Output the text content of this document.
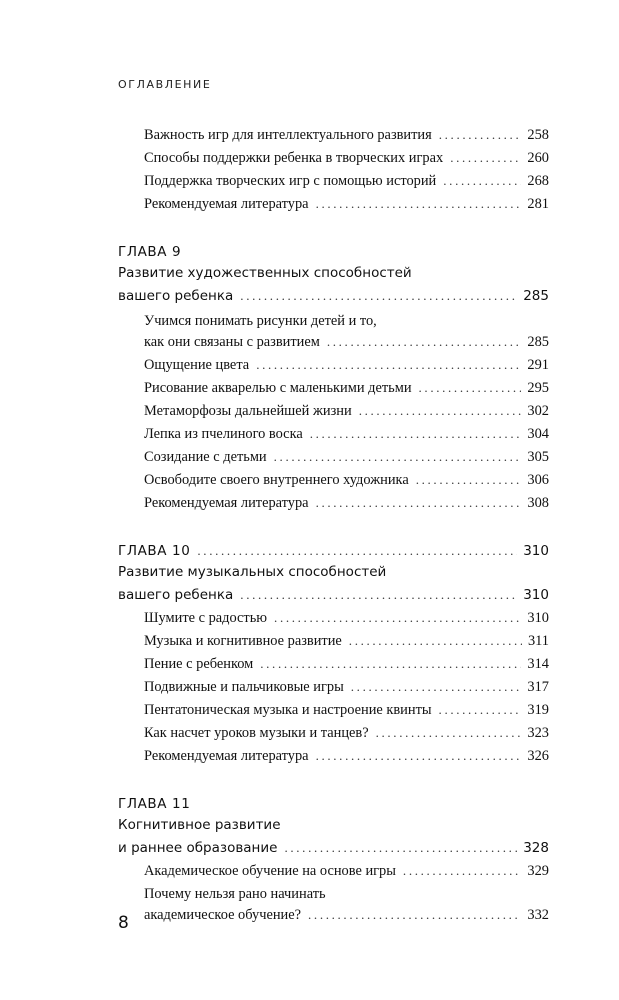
ОГЛАВЛЕНИЕ
Важность игр для интеллектуального развития . . .	258
Способы поддержки ребенка в творческих играх . . .	260
Поддержка творческих игр с помощью историй . . .	268
Рекомендуемая литература . . .	281
ГЛАВА 9
Развитие художественных способностей
вашего ребенка . . .	285
Учимся понимать рисунки детей и то,
как они связаны с развитием . . .	285
Ощущение цвета . . .	291
Рисование акварелью с маленькими детьми . . .	295
Метаморфозы дальнейшей жизни . . .	302
Лепка из пчелиного воска . . .	304
Созидание с детьми . . .	305
Освободите своего внутреннего художника . . .	306
Рекомендуемая литература . . .	308
ГЛАВА 10 . . .	310
Развитие музыкальных способностей
вашего ребенка . . .	310
Шумите с радостью . . .	310
Музыка и когнитивное развитие . . .	311
Пение с ребенком . . .	314
Подвижные и пальчиковые игры . . .	317
Пентатоническая музыка и настроение квинты . . .	319
Как насчет уроков музыки и танцев? . . .	323
Рекомендуемая литература . . .	326
ГЛАВА 11
Когнитивное развитие
и раннее образование . . .	328
Академическое обучение на основе игры . . .	329
Почему нельзя рано начинать
академическое обучение? . . .	332
8
